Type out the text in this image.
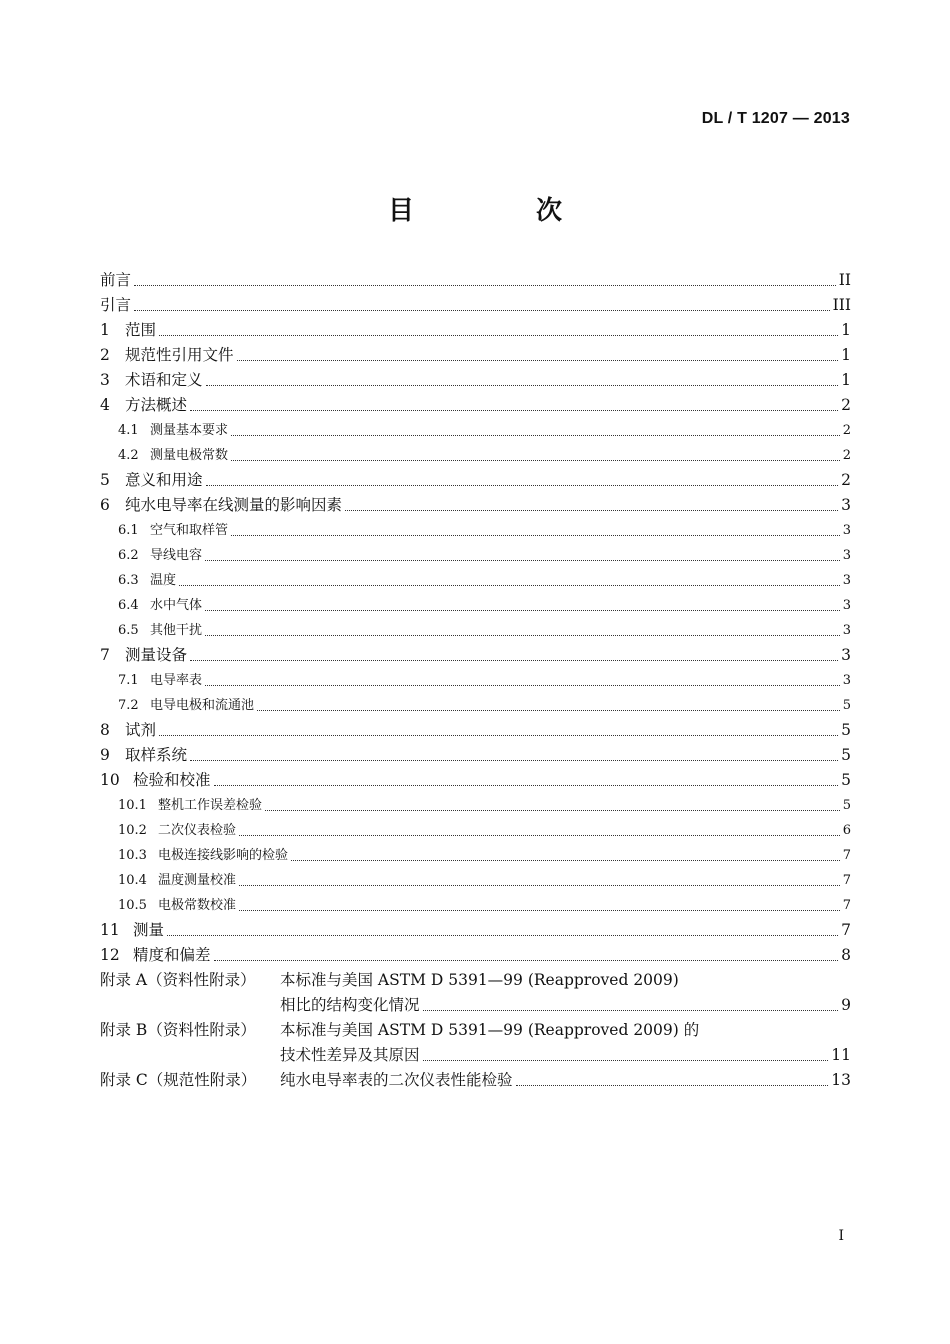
DL / T 1207 — 2013
目　次
前言	II
引言	III
1 范围	1
2 规范性引用文件	1
3 术语和定义	1
4 方法概述	2
4.1 测量基本要求	2
4.2 测量电极常数	2
5 意义和用途	2
6 纯水电导率在线测量的影响因素	3
6.1 空气和取样管	3
6.2 导线电容	3
6.3 温度	3
6.4 水中气体	3
6.5 其他干扰	3
7 测量设备	3
7.1 电导率表	3
7.2 电导电极和流通池	5
8 试剂	5
9 取样系统	5
10 检验和校准	5
10.1 整机工作误差检验	5
10.2 二次仪表检验	6
10.3 电极连接线影响的检验	7
10.4 温度测量校准	7
10.5 电极常数校准	7
11 测量	7
12 精度和偏差	8
附录 A（资料性附录）	本标准与美国 ASTM D 5391—99 (Reapproved 2009)
相比的结构变化情况	9
附录 B（资料性附录）	本标准与美国 ASTM D 5391—99 (Reapproved 2009) 的
技术性差异及其原因	11
附录 C（规范性附录）	纯水电导率表的二次仪表性能检验	13
I
